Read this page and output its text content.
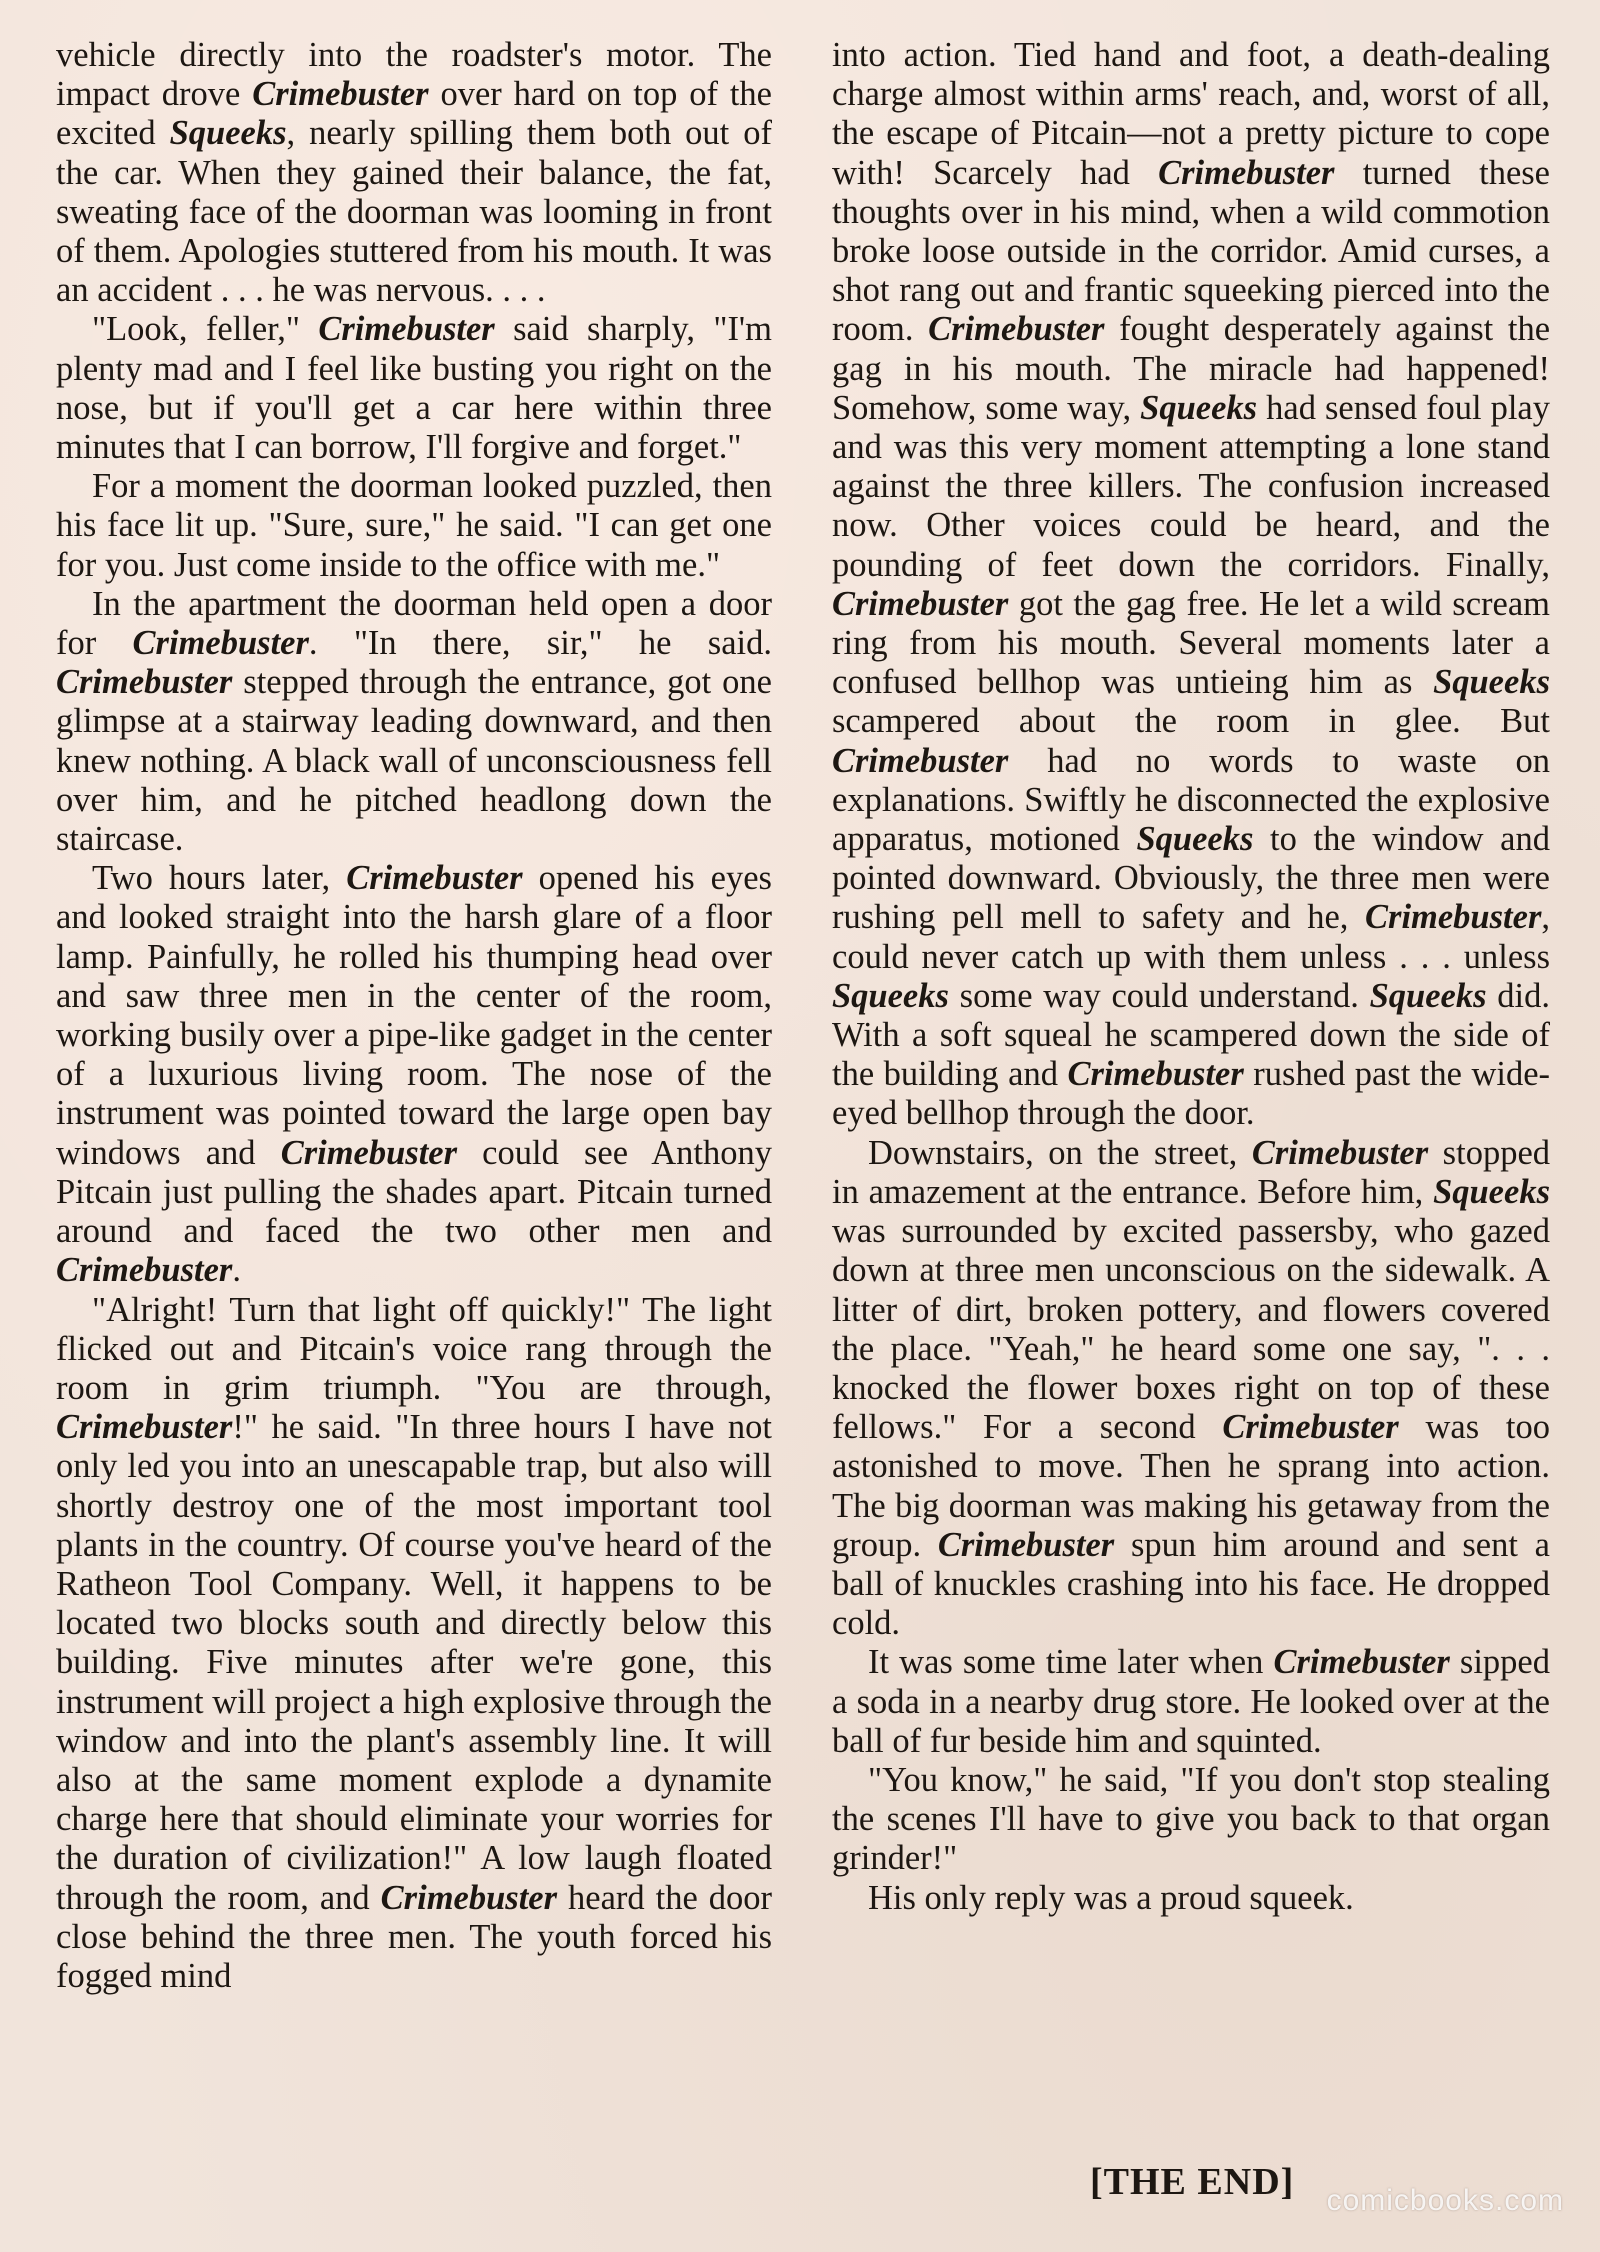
vehicle directly into the roadster's motor. The impact drove Crimebuster over hard on top of the excited Squeeks, nearly spilling them both out of the car. When they gained their balance, the fat, sweating face of the doorman was looming in front of them. Apologies stuttered from his mouth. It was an accident . . . he was nervous. . . .

"Look, feller," Crimebuster said sharply, "I'm plenty mad and I feel like busting you right on the nose, but if you'll get a car here within three minutes that I can borrow, I'll forgive and forget."

For a moment the doorman looked puzzled, then his face lit up. "Sure, sure," he said. "I can get one for you. Just come inside to the office with me."

In the apartment the doorman held open a door for Crimebuster. "In there, sir," he said. Crimebuster stepped through the entrance, got one glimpse at a stairway leading downward, and then knew nothing. A black wall of unconsciousness fell over him, and he pitched headlong down the staircase.

Two hours later, Crimebuster opened his eyes and looked straight into the harsh glare of a floor lamp. Painfully, he rolled his thumping head over and saw three men in the center of the room, working busily over a pipe-like gadget in the center of a luxurious living room. The nose of the instrument was pointed toward the large open bay windows and Crimebuster could see Anthony Pitcain just pulling the shades apart. Pitcain turned around and faced the two other men and Crimebuster.

"Alright! Turn that light off quickly!" The light flicked out and Pitcain's voice rang through the room in grim triumph. "You are through, Crimebuster!" he said. "In three hours I have not only led you into an unescapable trap, but also will shortly destroy one of the most important tool plants in the country. Of course you've heard of the Ratheon Tool Company. Well, it happens to be located two blocks south and directly below this building. Five minutes after we're gone, this instrument will project a high explosive through the window and into the plant's assembly line. It will also at the same moment explode a dynamite charge here that should eliminate your worries for the duration of civilization!" A low laugh floated through the room, and Crimebuster heard the door close behind the three men. The youth forced his fogged mind

into action. Tied hand and foot, a death-dealing charge almost within arms' reach, and, worst of all, the escape of Pitcain—not a pretty picture to cope with! Scarcely had Crimebuster turned these thoughts over in his mind, when a wild commotion broke loose outside in the corridor. Amid curses, a shot rang out and frantic squeeking pierced into the room. Crimebuster fought desperately against the gag in his mouth. The miracle had happened! Somehow, some way, Squeeks had sensed foul play and was this very moment attempting a lone stand against the three killers. The confusion increased now. Other voices could be heard, and the pounding of feet down the corridors. Finally, Crimebuster got the gag free. He let a wild scream ring from his mouth. Several moments later a confused bellhop was untieing him as Squeeks scampered about the room in glee. But Crimebuster had no words to waste on explanations. Swiftly he disconnected the explosive apparatus, motioned Squeeks to the window and pointed downward. Obviously, the three men were rushing pell mell to safety and he, Crimebuster, could never catch up with them unless . . . unless Squeeks some way could understand. Squeeks did. With a soft squeal he scampered down the side of the building and Crimebuster rushed past the wide-eyed bellhop through the door.

Downstairs, on the street, Crimebuster stopped in amazement at the entrance. Before him, Squeeks was surrounded by excited passersby, who gazed down at three men unconscious on the sidewalk. A litter of dirt, broken pottery, and flowers covered the place. "Yeah," he heard some one say, ". . . knocked the flower boxes right on top of these fellows." For a second Crimebuster was too astonished to move. Then he sprang into action. The big doorman was making his getaway from the group. Crimebuster spun him around and sent a ball of knuckles crashing into his face. He dropped cold.

It was some time later when Crimebuster sipped a soda in a nearby drug store. He looked over at the ball of fur beside him and squinted.

"You know," he said, "If you don't stop stealing the scenes I'll have to give you back to that organ grinder!"

His only reply was a proud squeek.

[THE END] comicbooks.com
